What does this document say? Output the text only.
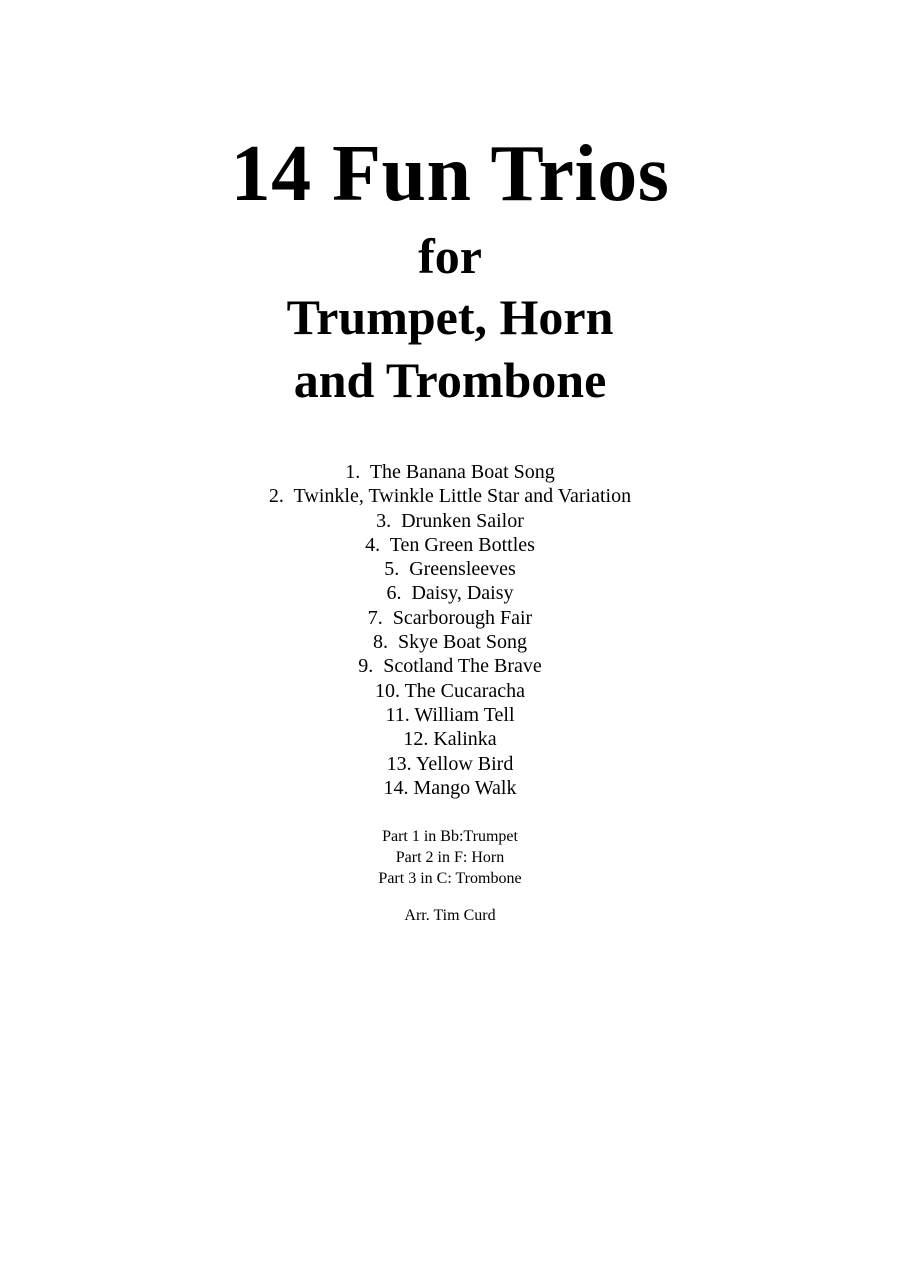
14 Fun Trios
for
Trumpet, Horn
and Trombone
1.  The Banana Boat Song
2.  Twinkle, Twinkle Little Star and Variation
3.  Drunken Sailor
4.  Ten Green Bottles
5.  Greensleeves
6.  Daisy, Daisy
7.  Scarborough Fair
8.  Skye Boat Song
9.  Scotland The Brave
10. The Cucaracha
11. William Tell
12. Kalinka
13. Yellow Bird
14. Mango Walk
Part 1 in Bb:Trumpet
Part 2 in F: Horn
Part 3 in C: Trombone
Arr. Tim Curd
